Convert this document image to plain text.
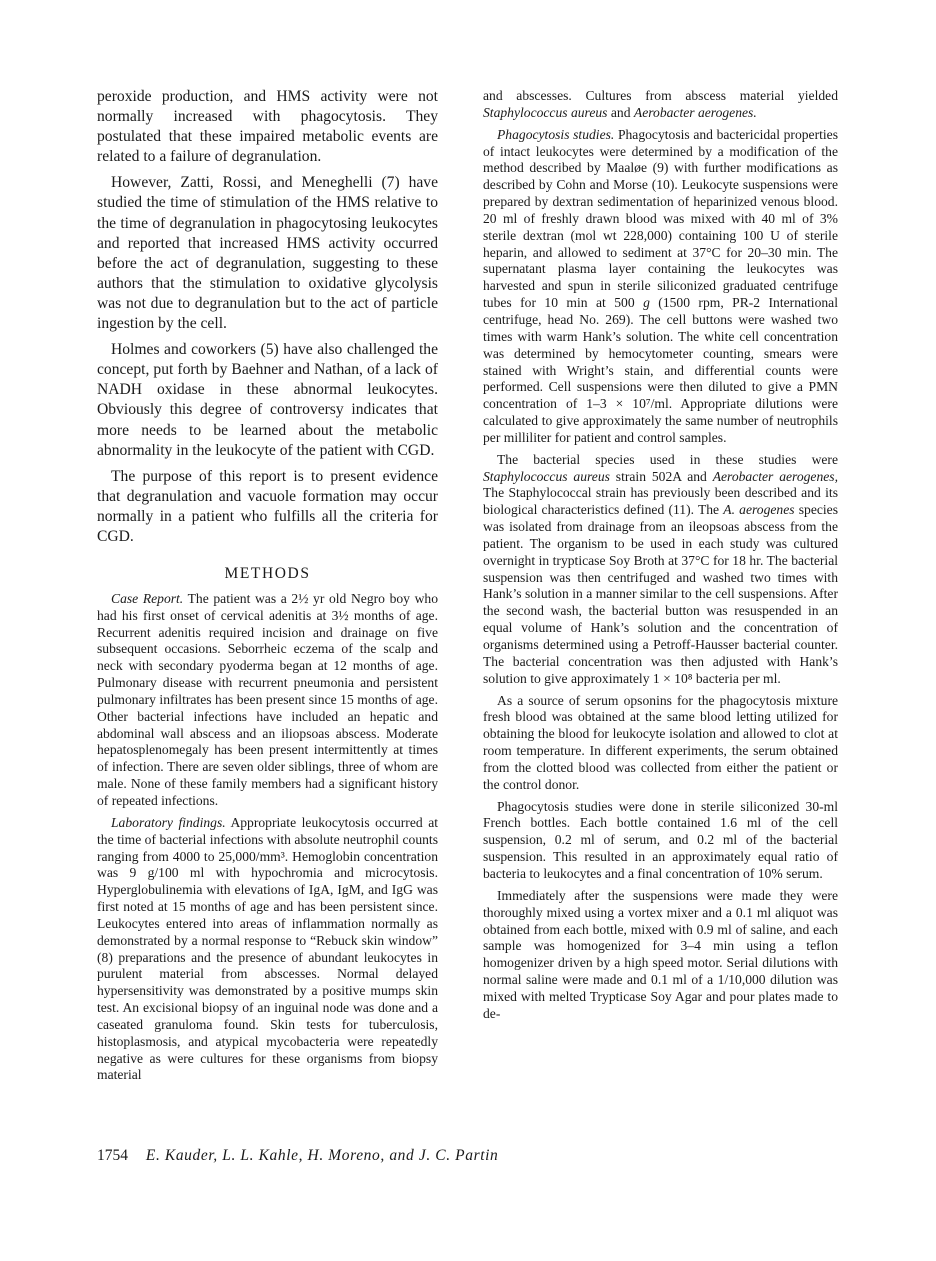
peroxide production, and HMS activity were not normally increased with phagocytosis. They postulated that these impaired metabolic events are related to a failure of degranulation.

However, Zatti, Rossi, and Meneghelli (7) have studied the time of stimulation of the HMS relative to the time of degranulation in phagocytosing leukocytes and reported that increased HMS activity occurred before the act of degranulation, suggesting to these authors that the stimulation to oxidative glycolysis was not due to degranulation but to the act of particle ingestion by the cell.

Holmes and coworkers (5) have also challenged the concept, put forth by Baehner and Nathan, of a lack of NADH oxidase in these abnormal leukocytes. Obviously this degree of controversy indicates that more needs to be learned about the metabolic abnormality in the leukocyte of the patient with CGD.

The purpose of this report is to present evidence that degranulation and vacuole formation may occur normally in a patient who fulfills all the criteria for CGD.

METHODS

Case Report. The patient was a 2½ yr old Negro boy who had his first onset of cervical adenitis at 3½ months of age. Recurrent adenitis required incision and drainage on five subsequent occasions. Seborrheic eczema of the scalp and neck with secondary pyoderma began at 12 months of age. Pulmonary disease with recurrent pneumonia and persistent pulmonary infiltrates has been present since 15 months of age. Other bacterial infections have included an hepatic and abdominal wall abscess and an iliopsoas abscess. Moderate hepatosplenomegaly has been present intermittently at times of infection. There are seven older siblings, three of whom are male. None of these family members had a significant history of repeated infections.

Laboratory findings. Appropriate leukocytosis occurred at the time of bacterial infections with absolute neutrophil counts ranging from 4000 to 25,000/mm³. Hemoglobin concentration was 9 g/100 ml with hypochromia and microcytosis. Hyperglobulinemia with elevations of IgA, IgM, and IgG was first noted at 15 months of age and has been persistent since. Leukocytes entered into areas of inflammation normally as demonstrated by a normal response to “Rebuck skin window” (8) preparations and the presence of abundant leukocytes in purulent material from abscesses. Normal delayed hypersensitivity was demonstrated by a positive mumps skin test. An excisional biopsy of an inguinal node was done and a caseated granuloma found. Skin tests for tuberculosis, histoplasmosis, and atypical mycobacteria were repeatedly negative as were cultures for these organisms from biopsy material

and abscesses. Cultures from abscess material yielded Staphylococcus aureus and Aerobacter aerogenes.

Phagocytosis studies. Phagocytosis and bactericidal properties of intact leukocytes were determined by a modification of the method described by Maaløe (9) with further modifications as described by Cohn and Morse (10). Leukocyte suspensions were prepared by dextran sedimentation of heparinized venous blood. 20 ml of freshly drawn blood was mixed with 40 ml of 3% sterile dextran (mol wt 228,000) containing 100 U of sterile heparin, and allowed to sediment at 37°C for 20–30 min. The supernatant plasma layer containing the leukocytes was harvested and spun in sterile siliconized graduated centrifuge tubes for 10 min at 500 g (1500 rpm, PR-2 International centrifuge, head No. 269). The cell buttons were washed two times with warm Hank’s solution. The white cell concentration was determined by hemocytometer counting, smears were stained with Wright’s stain, and differential counts were performed. Cell suspensions were then diluted to give a PMN concentration of 1–3 × 10⁷/ml. Appropriate dilutions were calculated to give approximately the same number of neutrophils per milliliter for patient and control samples.

The bacterial species used in these studies were Staphylococcus aureus strain 502A and Aerobacter aerogenes, The Staphylococcal strain has previously been described and its biological characteristics defined (11). The A. aerogenes species was isolated from drainage from an ileopsoas abscess from the patient. The organism to be used in each study was cultured overnight in trypticase Soy Broth at 37°C for 18 hr. The bacterial suspension was then centrifuged and washed two times with Hank’s solution in a manner similar to the cell suspensions. After the second wash, the bacterial button was resuspended in an equal volume of Hank’s solution and the concentration of organisms determined using a Petroff-Hausser bacterial counter. The bacterial concentration was then adjusted with Hank’s solution to give approximately 1 × 10⁸ bacteria per ml.

As a source of serum opsonins for the phagocytosis mixture fresh blood was obtained at the same blood letting utilized for obtaining the blood for leukocyte isolation and allowed to clot at room temperature. In different experiments, the serum obtained from the clotted blood was collected from either the patient or the control donor.

Phagocytosis studies were done in sterile siliconized 30-ml French bottles. Each bottle contained 1.6 ml of the cell suspension, 0.2 ml of serum, and 0.2 ml of the bacterial suspension. This resulted in an approximately equal ratio of bacteria to leukocytes and a final concentration of 10% serum.

Immediately after the suspensions were made they were thoroughly mixed using a vortex mixer and a 0.1 ml aliquot was obtained from each bottle, mixed with 0.9 ml of saline, and each sample was homogenized for 3–4 min using a teflon homogenizer driven by a high speed motor. Serial dilutions with normal saline were made and 0.1 ml of a 1/10,000 dilution was mixed with melted Trypticase Soy Agar and pour plates made to de-

1754 E. Kauder, L. L. Kahle, H. Moreno, and J. C. Partin
